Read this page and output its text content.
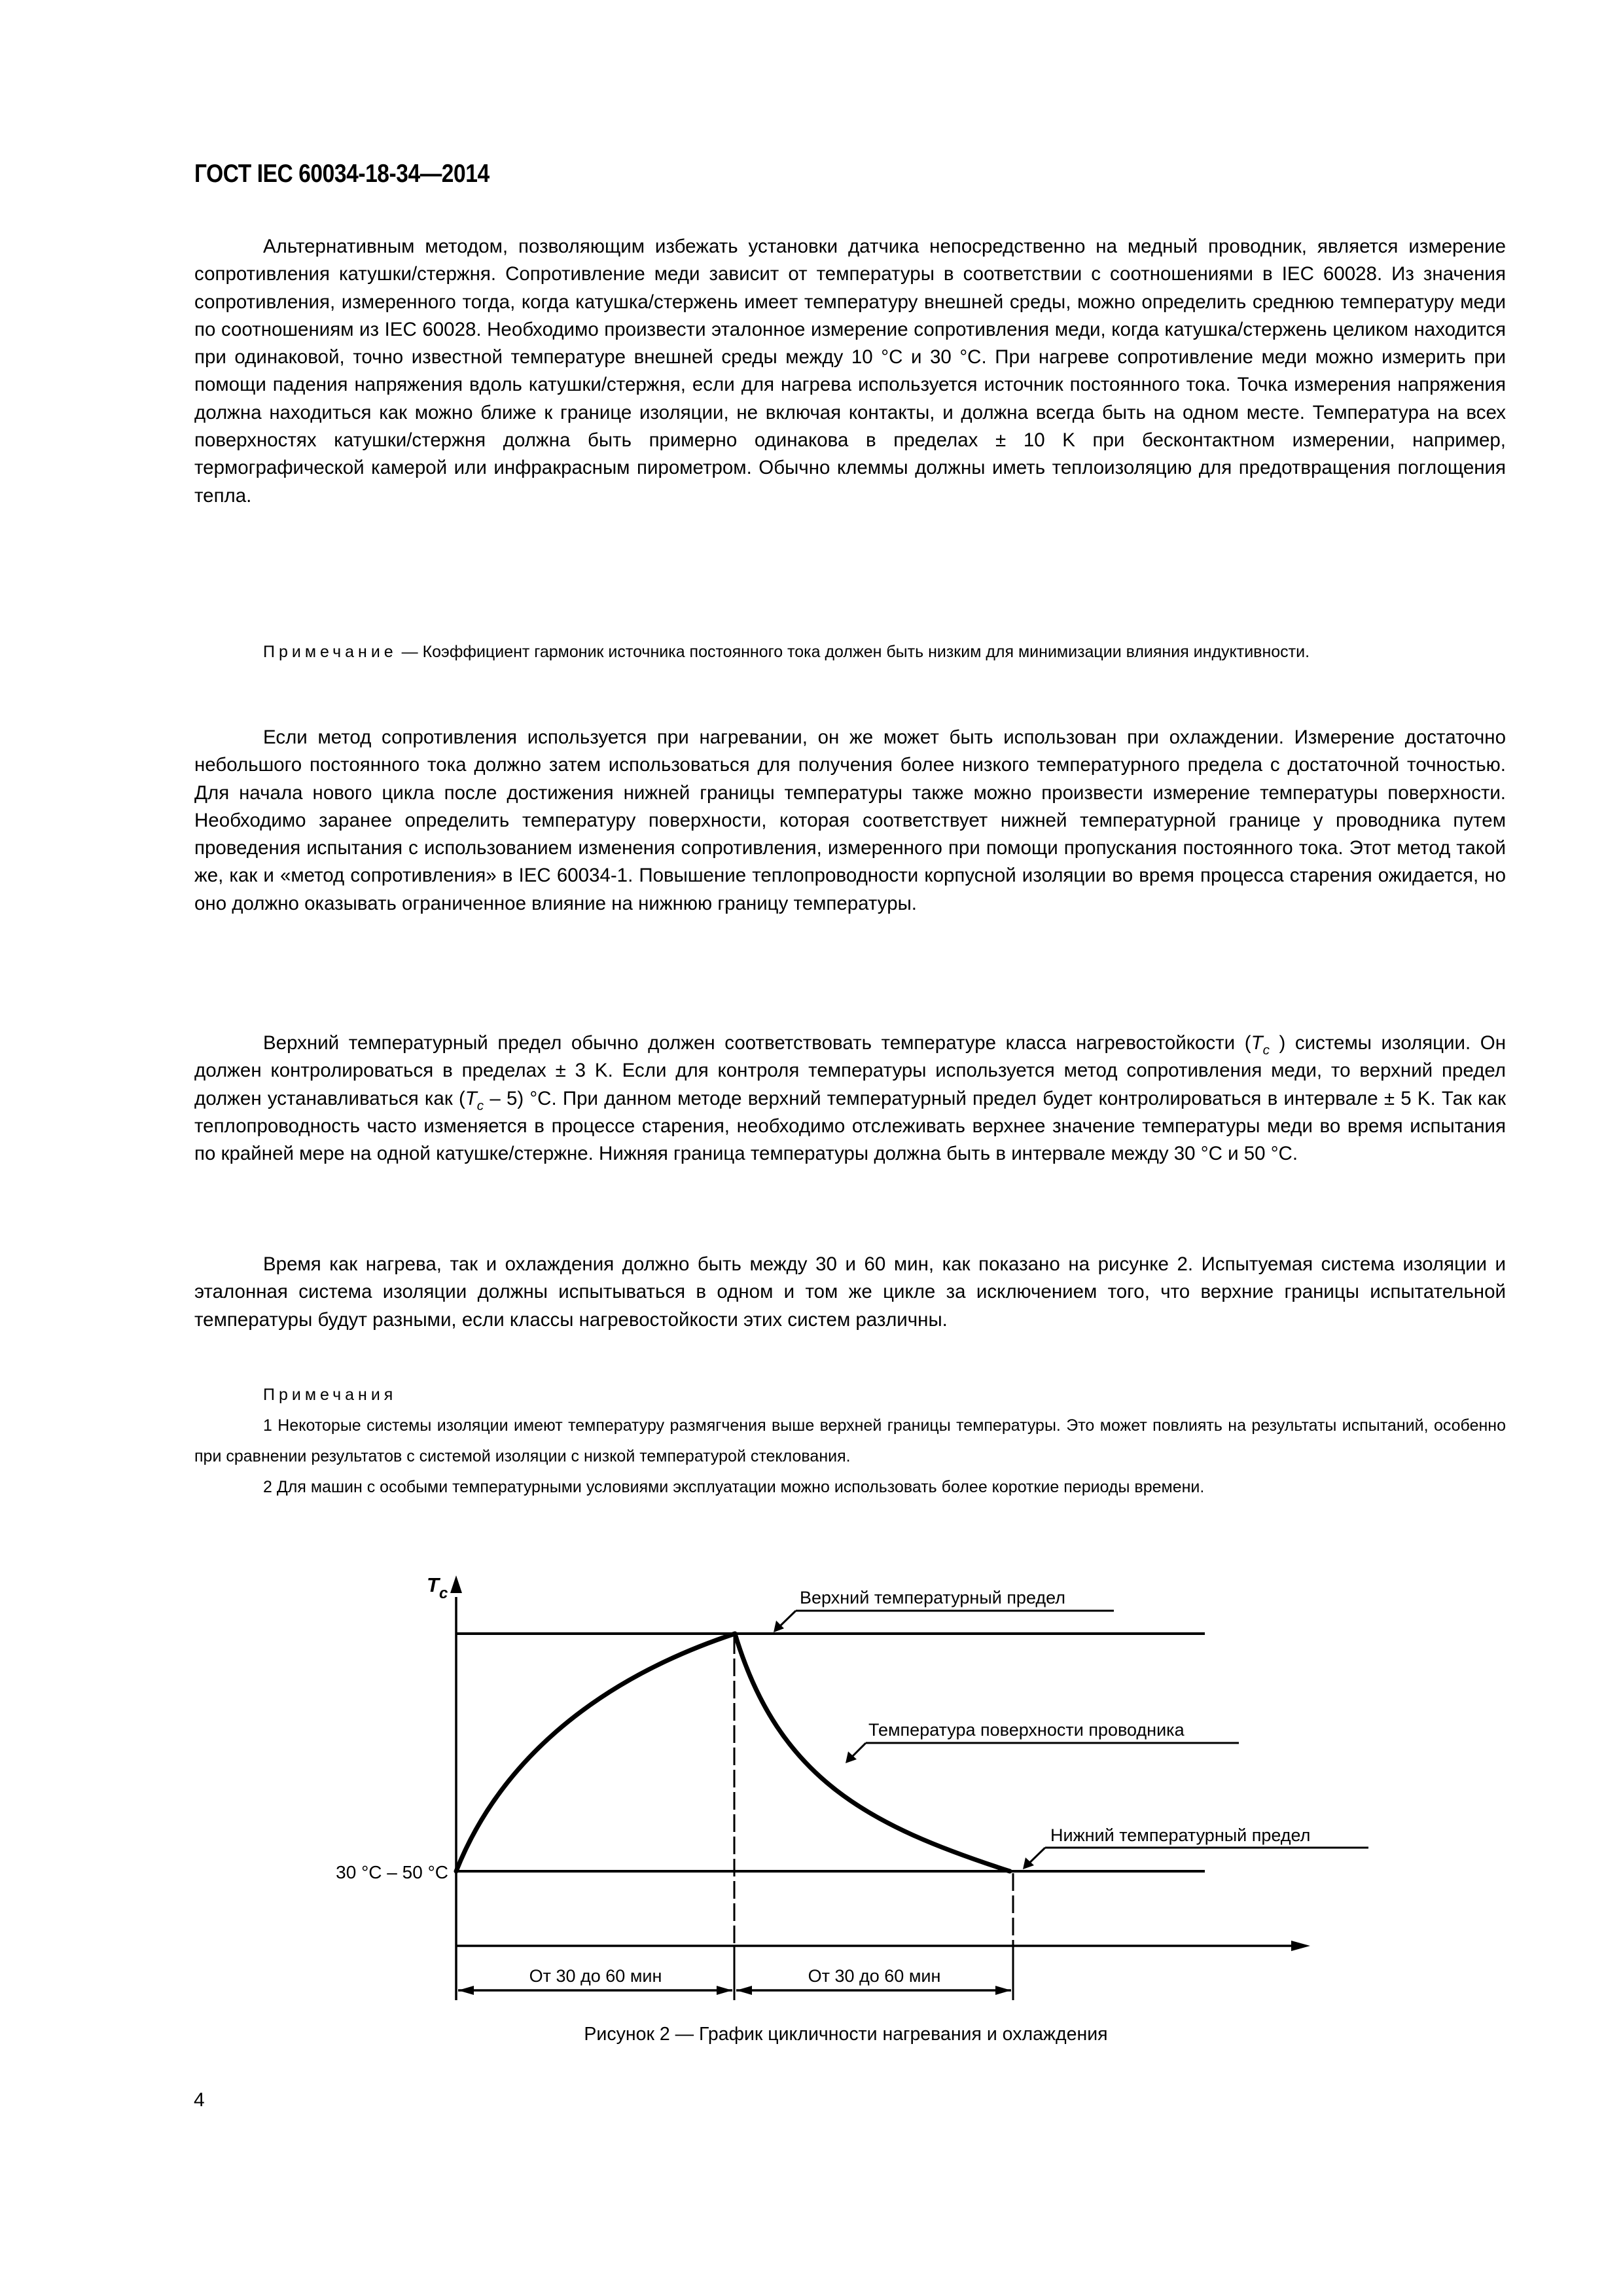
ГОСТ IEC 60034-18-34—2014

Альтернативным методом, позволяющим избежать установки датчика непосредственно на медный проводник, является измерение сопротивления катушки/стержня. Сопротивление меди зависит от температуры в соответствии с соотношениями в IEC 60028. Из значения сопротивления, измеренного тогда, когда катушка/стержень имеет температуру внешней среды, можно определить среднюю температуру меди по соотношениям из IEC 60028. Необходимо произвести эталонное измерение сопротивления меди, когда катушка/стержень целиком находится при одинаковой, точно известной температуре внешней среды между 10 °C и 30 °C. При нагреве сопротивление меди можно измерить при помощи падения напряжения вдоль катушки/стержня, если для нагрева используется источник постоянного тока. Точка измерения напряжения должна находиться как можно ближе к границе изоляции, не включая контакты, и должна всегда быть на одном месте. Температура на всех поверхностях катушки/стержня должна быть примерно одинакова в пределах ± 10 K при бесконтактном измерении, например, термографической камерой или инфракрасным пирометром. Обычно клеммы должны иметь теплоизоляцию для предотвращения поглощения тепла.

Примечание — Коэффициент гармоник источника постоянного тока должен быть низким для минимизации влияния индуктивности.

Если метод сопротивления используется при нагревании, он же может быть использован при охлаждении. Измерение достаточно небольшого постоянного тока должно затем использоваться для получения более низкого температурного предела с достаточной точностью. Для начала нового цикла после достижения нижней границы температуры также можно произвести измерение температуры поверхности. Необходимо заранее определить температуру поверхности, которая соответствует нижней температурной границе у проводника путем проведения испытания с использованием изменения сопротивления, измеренного при помощи пропускания постоянного тока. Этот метод такой же, как и «метод сопротивления» в IEC 60034-1. Повышение теплопроводности корпусной изоляции во время процесса старения ожидается, но оно должно оказывать ограниченное влияние на нижнюю границу температуры.

Верхний температурный предел обычно должен соответствовать температуре класса нагревостойкости ($T_c$ ) системы изоляции. Он должен контролироваться в пределах ± 3 K. Если для контроля температуры используется метод сопротивления меди, то верхний предел должен устанавливаться как $(T_c - 5)$ °C. При данном методе верхний температурный предел будет контролироваться в интервале ± 5 K. Так как теплопроводность часто изменяется в процессе старения, необходимо отслеживать верхнее значение температуры меди во время испытания по крайней мере на одной катушке/стержне. Нижняя граница температуры должна быть в интервале между 30 °C и 50 °C.

Время как нагрева, так и охлаждения должно быть между 30 и 60 мин, как показано на рисунке 2. Испытуемая система изоляции и эталонная система изоляции должны испытываться в одном и том же цикле за исключением того, что верхние границы испытательной температуры будут разными, если классы нагревостойкости этих систем различны.

Примечания

1 Некоторые системы изоляции имеют температуру размягчения выше верхней границы температуры. Это может повлиять на результаты испытаний, особенно при сравнении результатов с системой изоляции с низкой температурой стеклования.

2 Для машин с особыми температурными условиями эксплуатации можно использовать более короткие периоды времени.

$T_c$
30 °C – 50 °C
От 30 до 60 мин	От 30 до 60 мин
Верхний температурный предел
Температура поверхности проводника
Нижний температурный предел
Рисунок 2 — График цикличности нагревания и охлаждения
4
